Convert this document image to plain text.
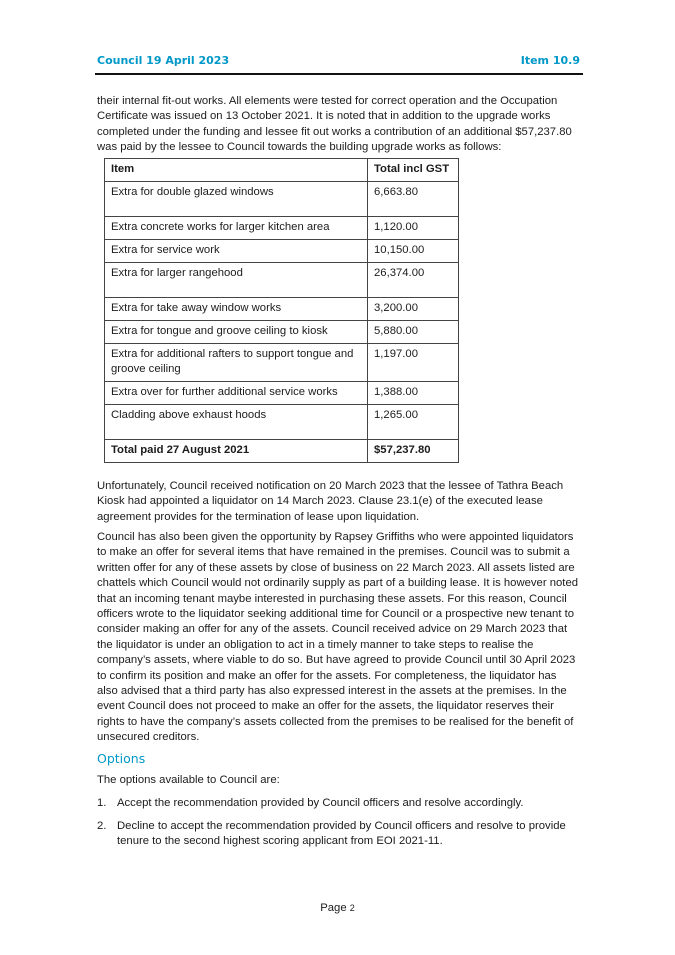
Council 19 April 2023	Item 10.9

their internal fit-out works. All elements were tested for correct operation and the Occupation Certificate was issued on 13 October 2021. It is noted that in addition to the upgrade works completed under the funding and lessee fit out works a contribution of an additional $57,237.80 was paid by the lessee to Council towards the building upgrade works as follows:

Item	Total incl GST
Extra for double glazed windows	6,663.80
Extra concrete works for larger kitchen area	1,120.00
Extra for service work	10,150.00
Extra for larger rangehood	26,374.00
Extra for take away window works	3,200.00
Extra for tongue and groove ceiling to kiosk	5,880.00
Extra for additional rafters to support tongue and groove ceiling	1,197.00
Extra over for further additional service works	1,388.00
Cladding above exhaust hoods	1,265.00
Total paid 27 August 2021	$57,237.80

Unfortunately, Council received notification on 20 March 2023 that the lessee of Tathra Beach Kiosk had appointed a liquidator on 14 March 2023. Clause 23.1(e) of the executed lease agreement provides for the termination of lease upon liquidation.

Council has also been given the opportunity by Rapsey Griffiths who were appointed liquidators to make an offer for several items that have remained in the premises. Council was to submit a written offer for any of these assets by close of business on 22 March 2023. All assets listed are chattels which Council would not ordinarily supply as part of a building lease. It is however noted that an incoming tenant maybe interested in purchasing these assets. For this reason, Council officers wrote to the liquidator seeking additional time for Council or a prospective new tenant to consider making an offer for any of the assets. Council received advice on 29 March 2023 that the liquidator is under an obligation to act in a timely manner to take steps to realise the company’s assets, where viable to do so. But have agreed to provide Council until 30 April 2023 to confirm its position and make an offer for the assets. For completeness, the liquidator has also advised that a third party has also expressed interest in the assets at the premises. In the event Council does not proceed to make an offer for the assets, the liquidator reserves their rights to have the company’s assets collected from the premises to be realised for the benefit of unsecured creditors.

Options

The options available to Council are:

1. Accept the recommendation provided by Council officers and resolve accordingly.
2. Decline to accept the recommendation provided by Council officers and resolve to provide tenure to the second highest scoring applicant from EOI 2021-11.
Page 2
